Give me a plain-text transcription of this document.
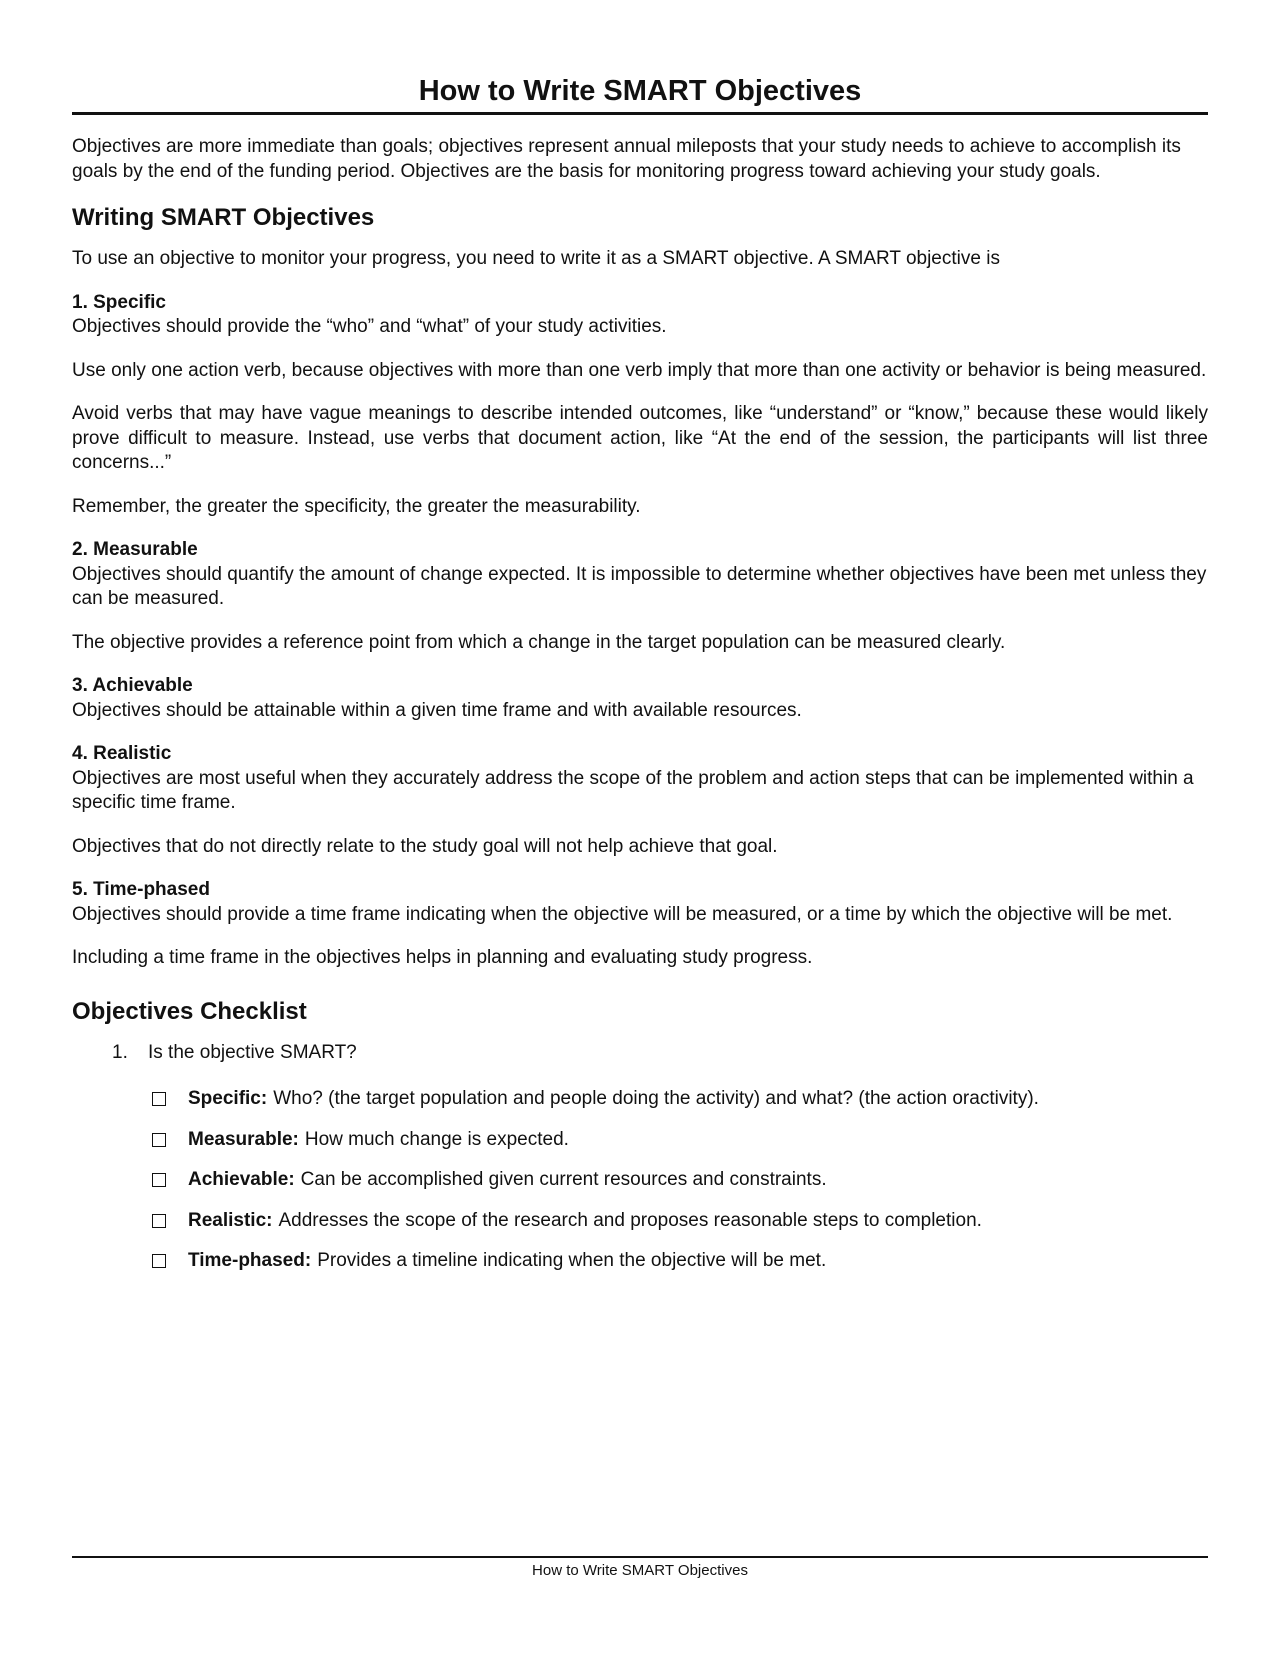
How to Write SMART Objectives

Objectives are more immediate than goals; objectives represent annual mileposts that your study needs to achieve to accomplish its goals by the end of the funding period. Objectives are the basis for monitoring progress toward achieving your study goals.

Writing SMART Objectives

To use an objective to monitor your progress, you need to write it as a SMART objective. A SMART objective is

1. Specific

Objectives should provide the “who” and “what” of your study activities.

Use only one action verb, because objectives with more than one verb imply that more than one activity or behavior is being measured.

Avoid verbs that may have vague meanings to describe intended outcomes, like “understand” or “know,” because these would likely prove difficult to measure. Instead, use verbs that document action, like “At the end of the session, the participants will list three concerns...”

Remember, the greater the specificity, the greater the measurability.

2. Measurable

Objectives should quantify the amount of change expected. It is impossible to determine whether objectives have been met unless they can be measured.

The objective provides a reference point from which a change in the target population can be measured clearly.

3. Achievable

Objectives should be attainable within a given time frame and with available resources.

4. Realistic

Objectives are most useful when they accurately address the scope of the problem and action steps that can be implemented within a specific time frame.

Objectives that do not directly relate to the study goal will not help achieve that goal.

5. Time-phased

Objectives should provide a time frame indicating when the objective will be measured, or a time by which the objective will be met.

Including a time frame in the objectives helps in planning and evaluating study progress.

Objectives Checklist
1. Is the objective SMART?
Specific: Who? (the target population and people doing the activity) and what? (the action oractivity).
Measurable: How much change is expected.
Achievable: Can be accomplished given current resources and constraints.
Realistic: Addresses the scope of the research and proposes reasonable steps to completion.
Time-phased: Provides a timeline indicating when the objective will be met.
How to Write SMART Objectives
